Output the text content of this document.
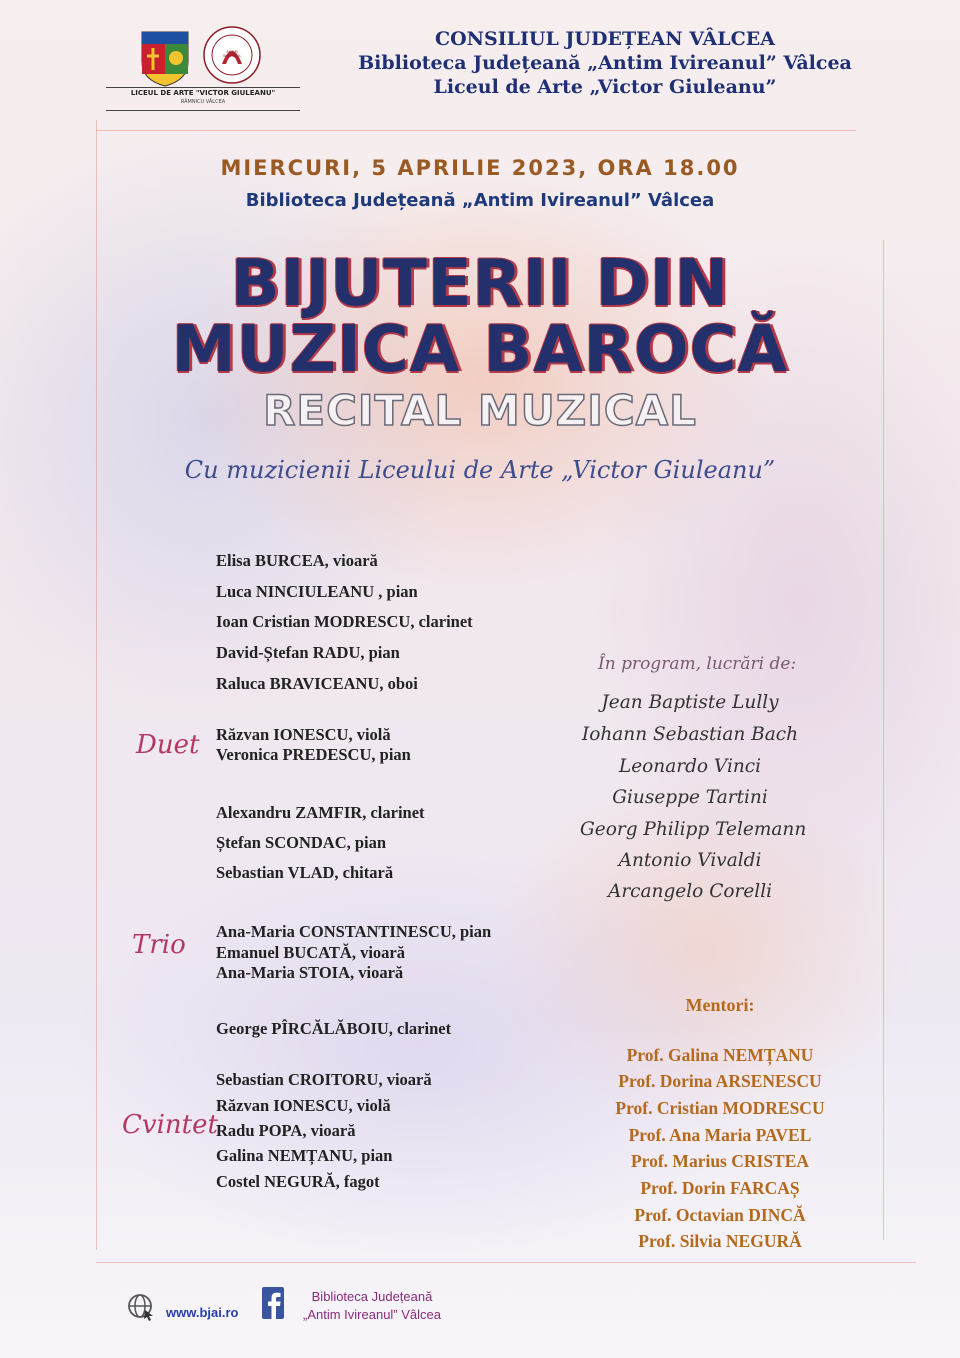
ANTIM IVIREANUL
LICEUL DE ARTE "VICTOR GIULEANU"
RÂMNICU VÂLCEA
CONSILIUL JUDEȚEAN VÂLCEA
Biblioteca Județeană „Antim Ivireanul” Vâlcea
Liceul de Arte „Victor Giuleanu”
MIERCURI, 5 APRILIE 2023, ORA 18.00
Biblioteca Județeană „Antim Ivireanul” Vâlcea
BIJUTERII DIN
MUZICA BAROCĂ
RECITAL MUZICAL
Cu muzicienii Liceului de Arte „Victor Giuleanu”
Elisa BURCEA, vioară
Luca NINCIULEANU , pian
Ioan Cristian MODRESCU, clarinet
David-Ștefan RADU, pian
Raluca BRAVICEANU, oboi
Duet Răzvan IONESCU, violă
Veronica PREDESCU, pian
Alexandru ZAMFIR, clarinet
Ștefan SCONDAC, pian
Sebastian VLAD, chitară
Trio Ana-Maria CONSTANTINESCU, pian
Emanuel BUCATĂ, vioară
Ana-Maria STOIA, vioară
George PÎRCĂLĂBOIU, clarinet
Cvintet
Sebastian CROITORU, vioară
Răzvan IONESCU, violă
Radu POPA, vioară
Galina NEMȚANU, pian
Costel NEGURĂ, fagot
În program, lucrări de:
Jean Baptiste Lully
Iohann Sebastian Bach
Leonardo Vinci
Giuseppe Tartini
Georg Philipp Telemann
Antonio Vivaldi
Arcangelo Corelli
Mentori:
Prof. Galina NEMȚANU
Prof. Dorina ARSENESCU
Prof. Cristian MODRESCU
Prof. Ana Maria PAVEL
Prof. Marius CRISTEA
Prof. Dorin FARCAȘ
Prof. Octavian DINCĂ
Prof. Silvia NEGURĂ
www.bjai.ro
Biblioteca Județeană
„Antim Ivireanul” Vâlcea
